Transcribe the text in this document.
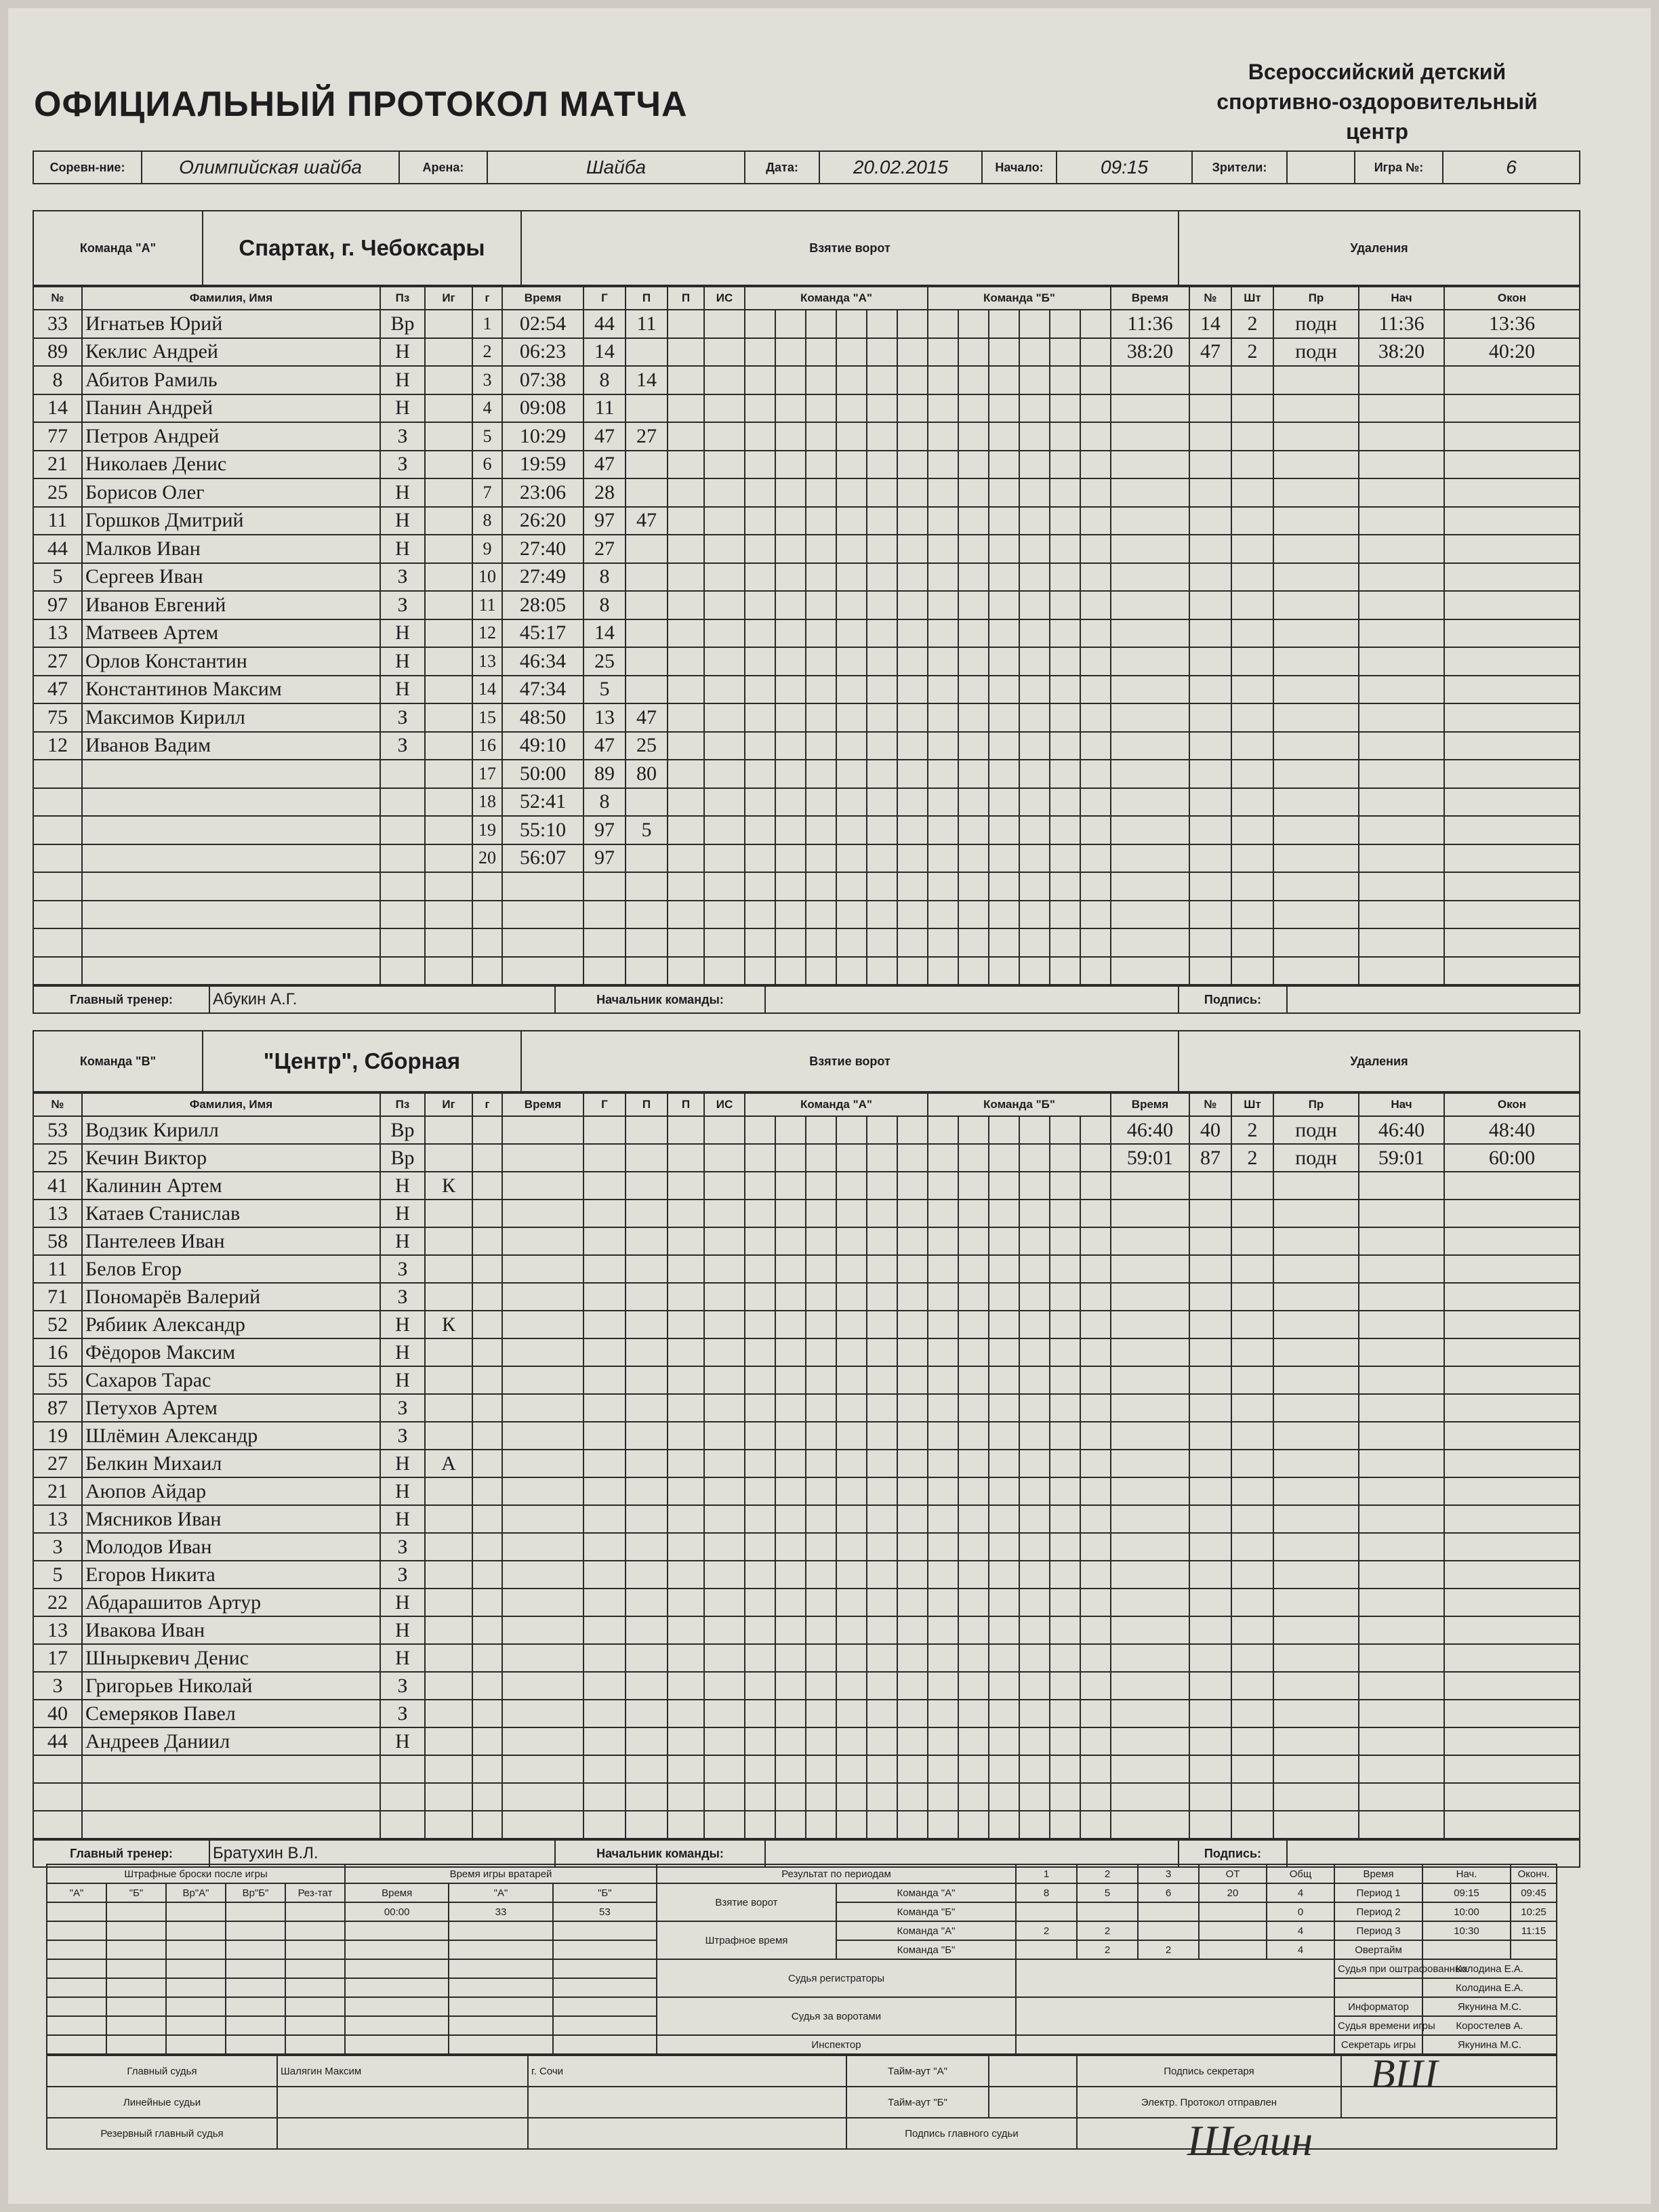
ОФИЦИАЛЬНЫЙ ПРОТОКОЛ МАТЧА
Всероссийский детский
спортивно-оздоровительный
центр
Соревн-ние:	Олимпийская шайба	Арена:	Шайба	Дата:	20.02.2015	Начало:	09:15	Зрители:		Игра №:	6
Команда "А"	Спартак, г. Чебоксары	Взятие ворот	Удаления
№	Фамилия, Имя	Пз	Иг	г	Время	Г	П	П	ИС	Команда "А"						Команда "Б"						Время	№	Шт	Пр	Нач	Окон
33	Игнатьев Юрий	Вр		1	02:54	44	11															11:36	14	2	подн	11:36	13:36
89	Кеклис Андрей	Н		2	06:23	14																38:20	47	2	подн	38:20	40:20
8	Абитов Рамиль	Н		3	07:38	8	14																				
14	Панин Андрей	Н		4	09:08	11																					
77	Петров Андрей	З		5	10:29	47	27																				
21	Николаев Денис	З		6	19:59	47																					
25	Борисов Олег	Н		7	23:06	28																					
11	Горшков Дмитрий	Н		8	26:20	97	47																				
44	Малков Иван	Н		9	27:40	27																					
5	Сергеев Иван	З		10	27:49	8																					
97	Иванов Евгений	З		11	28:05	8																					
13	Матвеев Артем	Н		12	45:17	14																					
27	Орлов Константин	Н		13	46:34	25																					
47	Константинов Максим	Н		14	47:34	5																					
75	Максимов Кирилл	З		15	48:50	13	47																				
12	Иванов Вадим	З		16	49:10	47	25																				
				17	50:00	89	80																				
				18	52:41	8																					
				19	55:10	97	5																				
				20	56:07	97																					

Главный тренер:	Абукин А.Г.	Начальник команды:		Подпись:	
Команда "В"	"Центр", Сборная	Взятие ворот	Удаления
№	Фамилия, Имя	Пз	Иг	г	Время	Г	П	П	ИС	Команда "А"						Команда "Б"						Время	№	Шт	Пр	Нач	Окон
53	Водзик Кирилл	Вр																				46:40	40	2	подн	46:40	48:40
25	Кечин Виктор	Вр																				59:01	87	2	подн	59:01	60:00
41	Калинин Артем	Н	К																								
13	Катаев Станислав	Н																									
58	Пантелеев Иван	Н																									
11	Белов Егор	З																									
71	Пономарёв Валерий	З																									
52	Рябиик Александр	Н	К																								
16	Фёдоров Максим	Н																									
55	Сахаров Тарас	Н																									
87	Петухов Артем	З																									
19	Шлёмин Александр	З																									
27	Белкин Михаил	Н	А																								
21	Аюпов Айдар	Н																									
13	Мясников Иван	Н																									
3	Молодов Иван	З																									
5	Егоров Никита	З																									
22	Абдарашитов Артур	Н																									
13	Ивакова Иван	Н																									
17	Шныркевич Денис	Н																									
3	Григорьев Николай	З																									
40	Семеряков Павел	З																									
44	Андреев Даниил	Н																									

Главный тренер:	Братухин В.Л.	Начальник команды:		Подпись:	
Штрафные броски после игры					Время игры вратарей			Результат по периодам		1	2	3	ОТ	Общ	Время	Нач.	Оконч.
"А"	"Б"	Вр"А"	Вр"Б"	Рез-тат	Время	"А"	"Б"	Взятие ворот	Команда "А"	8	5	6	20	4	Период 1	09:15	09:45
					00:00	33	53		Команда "Б"					0	Период 2	10:00	10:25
								Штрафное время	Команда "А"	2	2			4	Период 3	10:30	11:15
									Команда "Б"		2	2		4	Овертайм		
								Судья регистраторы							Судья при оштрафованных	Колодина Е.А.	
																Колодина Е.А.	
								Судья за воротами							Информатор	Якунина М.С.	
															Судья времени игры	Коростелев А.	
								Инспектор							Секретарь игры	Якунина М.С.	
Главный судья	Шалягин Максим	г. Сочи	Тайм-аут "А"		Подпись секретаря	
Линейные судьи			Тайм-аут "Б"		Электр. Протокол отправлен	
Резервный главный судья			Подпись главного судьи			
ВШ
Шелин
